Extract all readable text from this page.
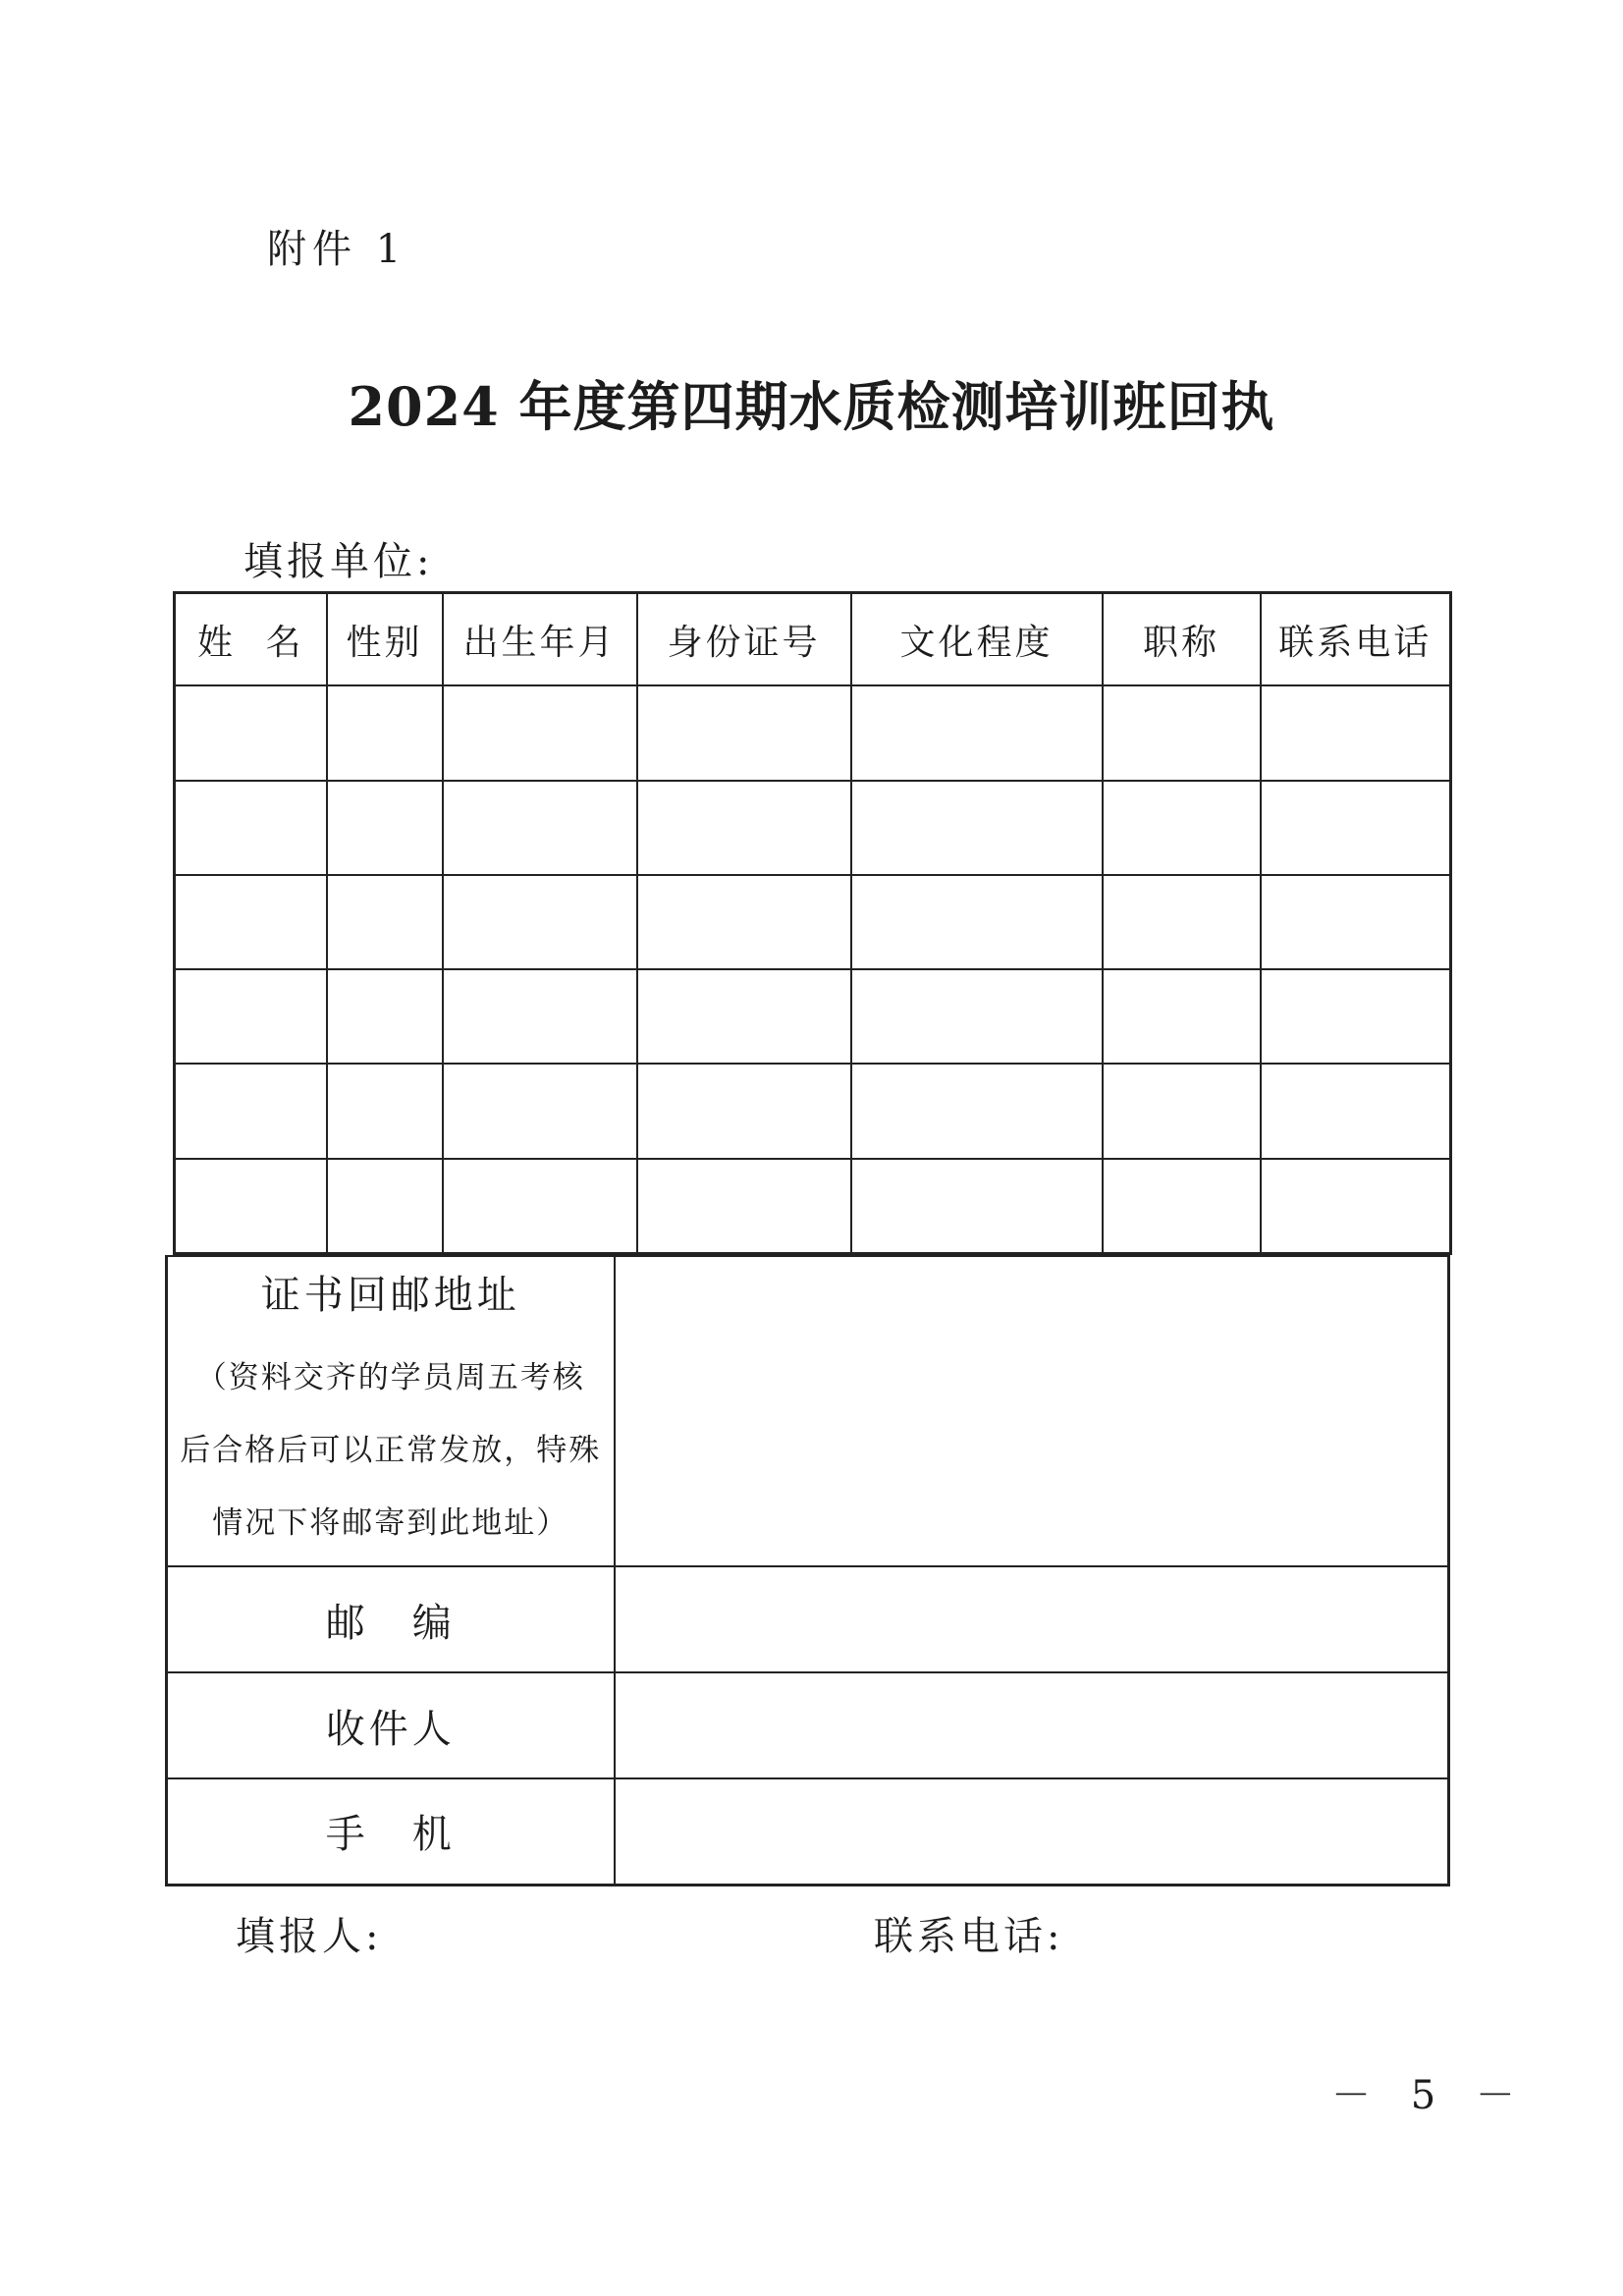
附件 1
2024 年度第四期水质检测培训班回执
填报单位:
姓 名	性别	出生年月	身份证号	文化程度	职称	联系电话

证书回邮地址
（资料交齐的学员周五考核
后合格后可以正常发放，特殊
情况下将邮寄到此地址）	

邮 编	

收件人	

手 机	

填报人:	联系电话:
－ 5 －
